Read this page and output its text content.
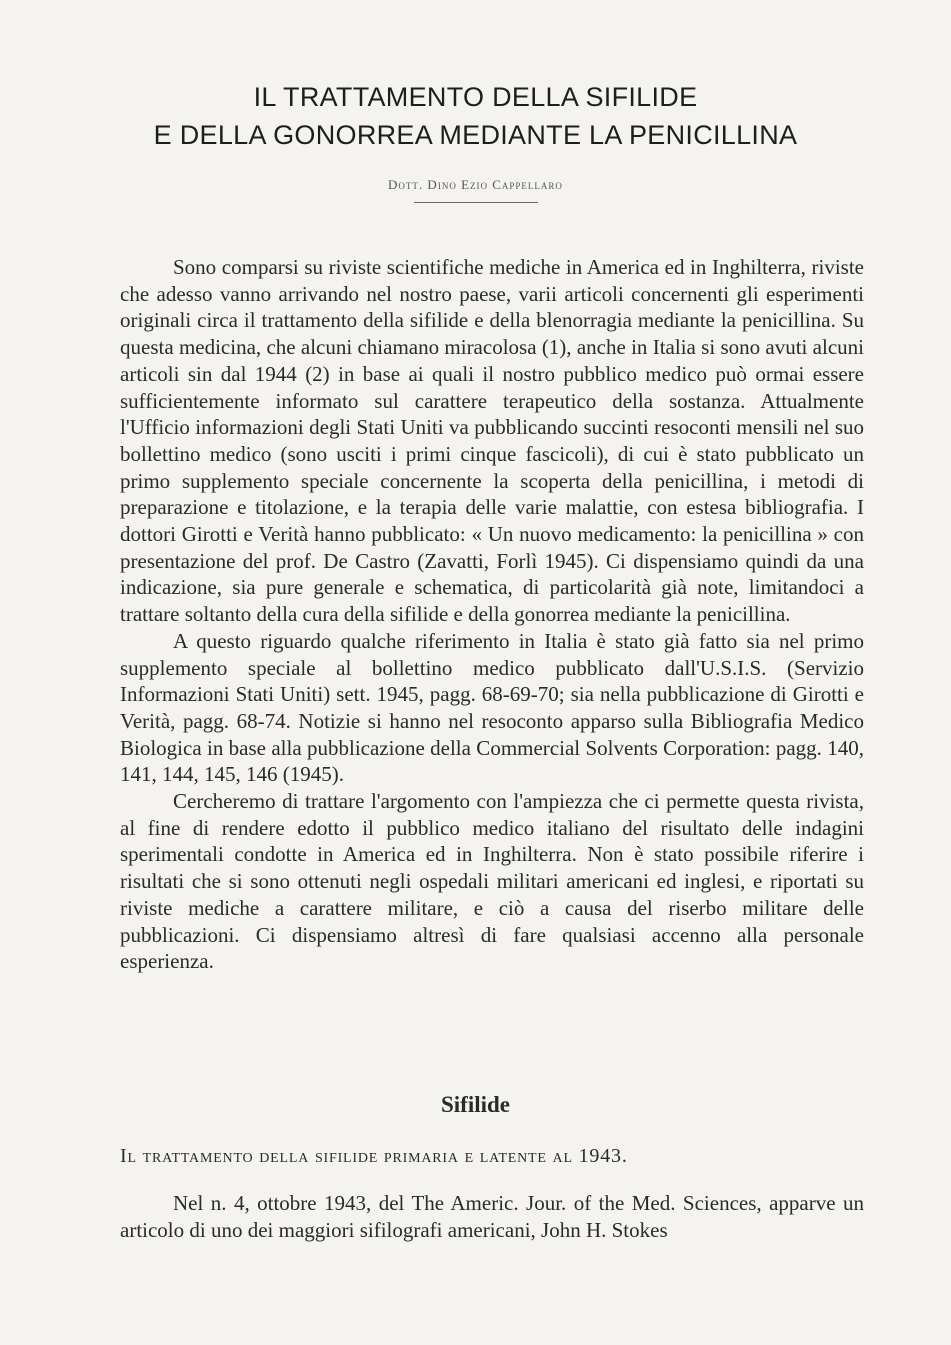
IL TRATTAMENTO DELLA SIFILIDE
E DELLA GONORREA MEDIANTE LA PENICILLINA
Dott. Dino Ezio Cappellaro

Sono comparsi su riviste scientifiche mediche in America ed in Inghilterra, riviste che adesso vanno arrivando nel nostro paese, varii articoli concernenti gli esperimenti originali circa il trattamento della sifilide e della blenorragia mediante la penicillina. Su questa medicina, che alcuni chiamano miracolosa (1), anche in Italia si sono avuti alcuni articoli sin dal 1944 (2) in base ai quali il nostro pubblico medico può ormai essere sufficientemente informato sul carattere terapeutico della sostanza. Attualmente l'Ufficio informazioni degli Stati Uniti va pubblicando succinti resoconti mensili nel suo bollettino medico (sono usciti i primi cinque fascicoli), di cui è stato pubblicato un primo supplemento speciale concernente la scoperta della penicillina, i metodi di preparazione e titolazione, e la terapia delle varie malattie, con estesa bibliografia. I dottori Girotti e Verità hanno pubblicato: « Un nuovo medicamento: la penicillina » con presentazione del prof. De Castro (Zavatti, Forlì 1945). Ci dispensiamo quindi da una indicazione, sia pure generale e schematica, di particolarità già note, limitandoci a trattare soltanto della cura della sifilide e della gonorrea mediante la penicillina.

A questo riguardo qualche riferimento in Italia è stato già fatto sia nel primo supplemento speciale al bollettino medico pubblicato dall'U.S.I.S. (Servizio Informazioni Stati Uniti) sett. 1945, pagg. 68-69-70; sia nella pubblicazione di Girotti e Verità, pagg. 68-74. Notizie si hanno nel resoconto apparso sulla Bibliografia Medico Biologica in base alla pubblicazione della Commercial Solvents Corporation: pagg. 140, 141, 144, 145, 146 (1945).

Cercheremo di trattare l'argomento con l'ampiezza che ci permette questa rivista, al fine di rendere edotto il pubblico medico italiano del risultato delle indagini sperimentali condotte in America ed in Inghilterra. Non è stato possibile riferire i risultati che si sono ottenuti negli ospedali militari americani ed inglesi, e riportati su riviste mediche a carattere militare, e ciò a causa del riserbo militare delle pubblicazioni. Ci dispensiamo altresì di fare qualsiasi accenno alla personale esperienza.

Sifilide
Il trattamento della sifilide primaria e latente al 1943.

Nel n. 4, ottobre 1943, del The Americ. Jour. of the Med. Sciences, apparve un articolo di uno dei maggiori sifilografi americani, John H. Stokes
